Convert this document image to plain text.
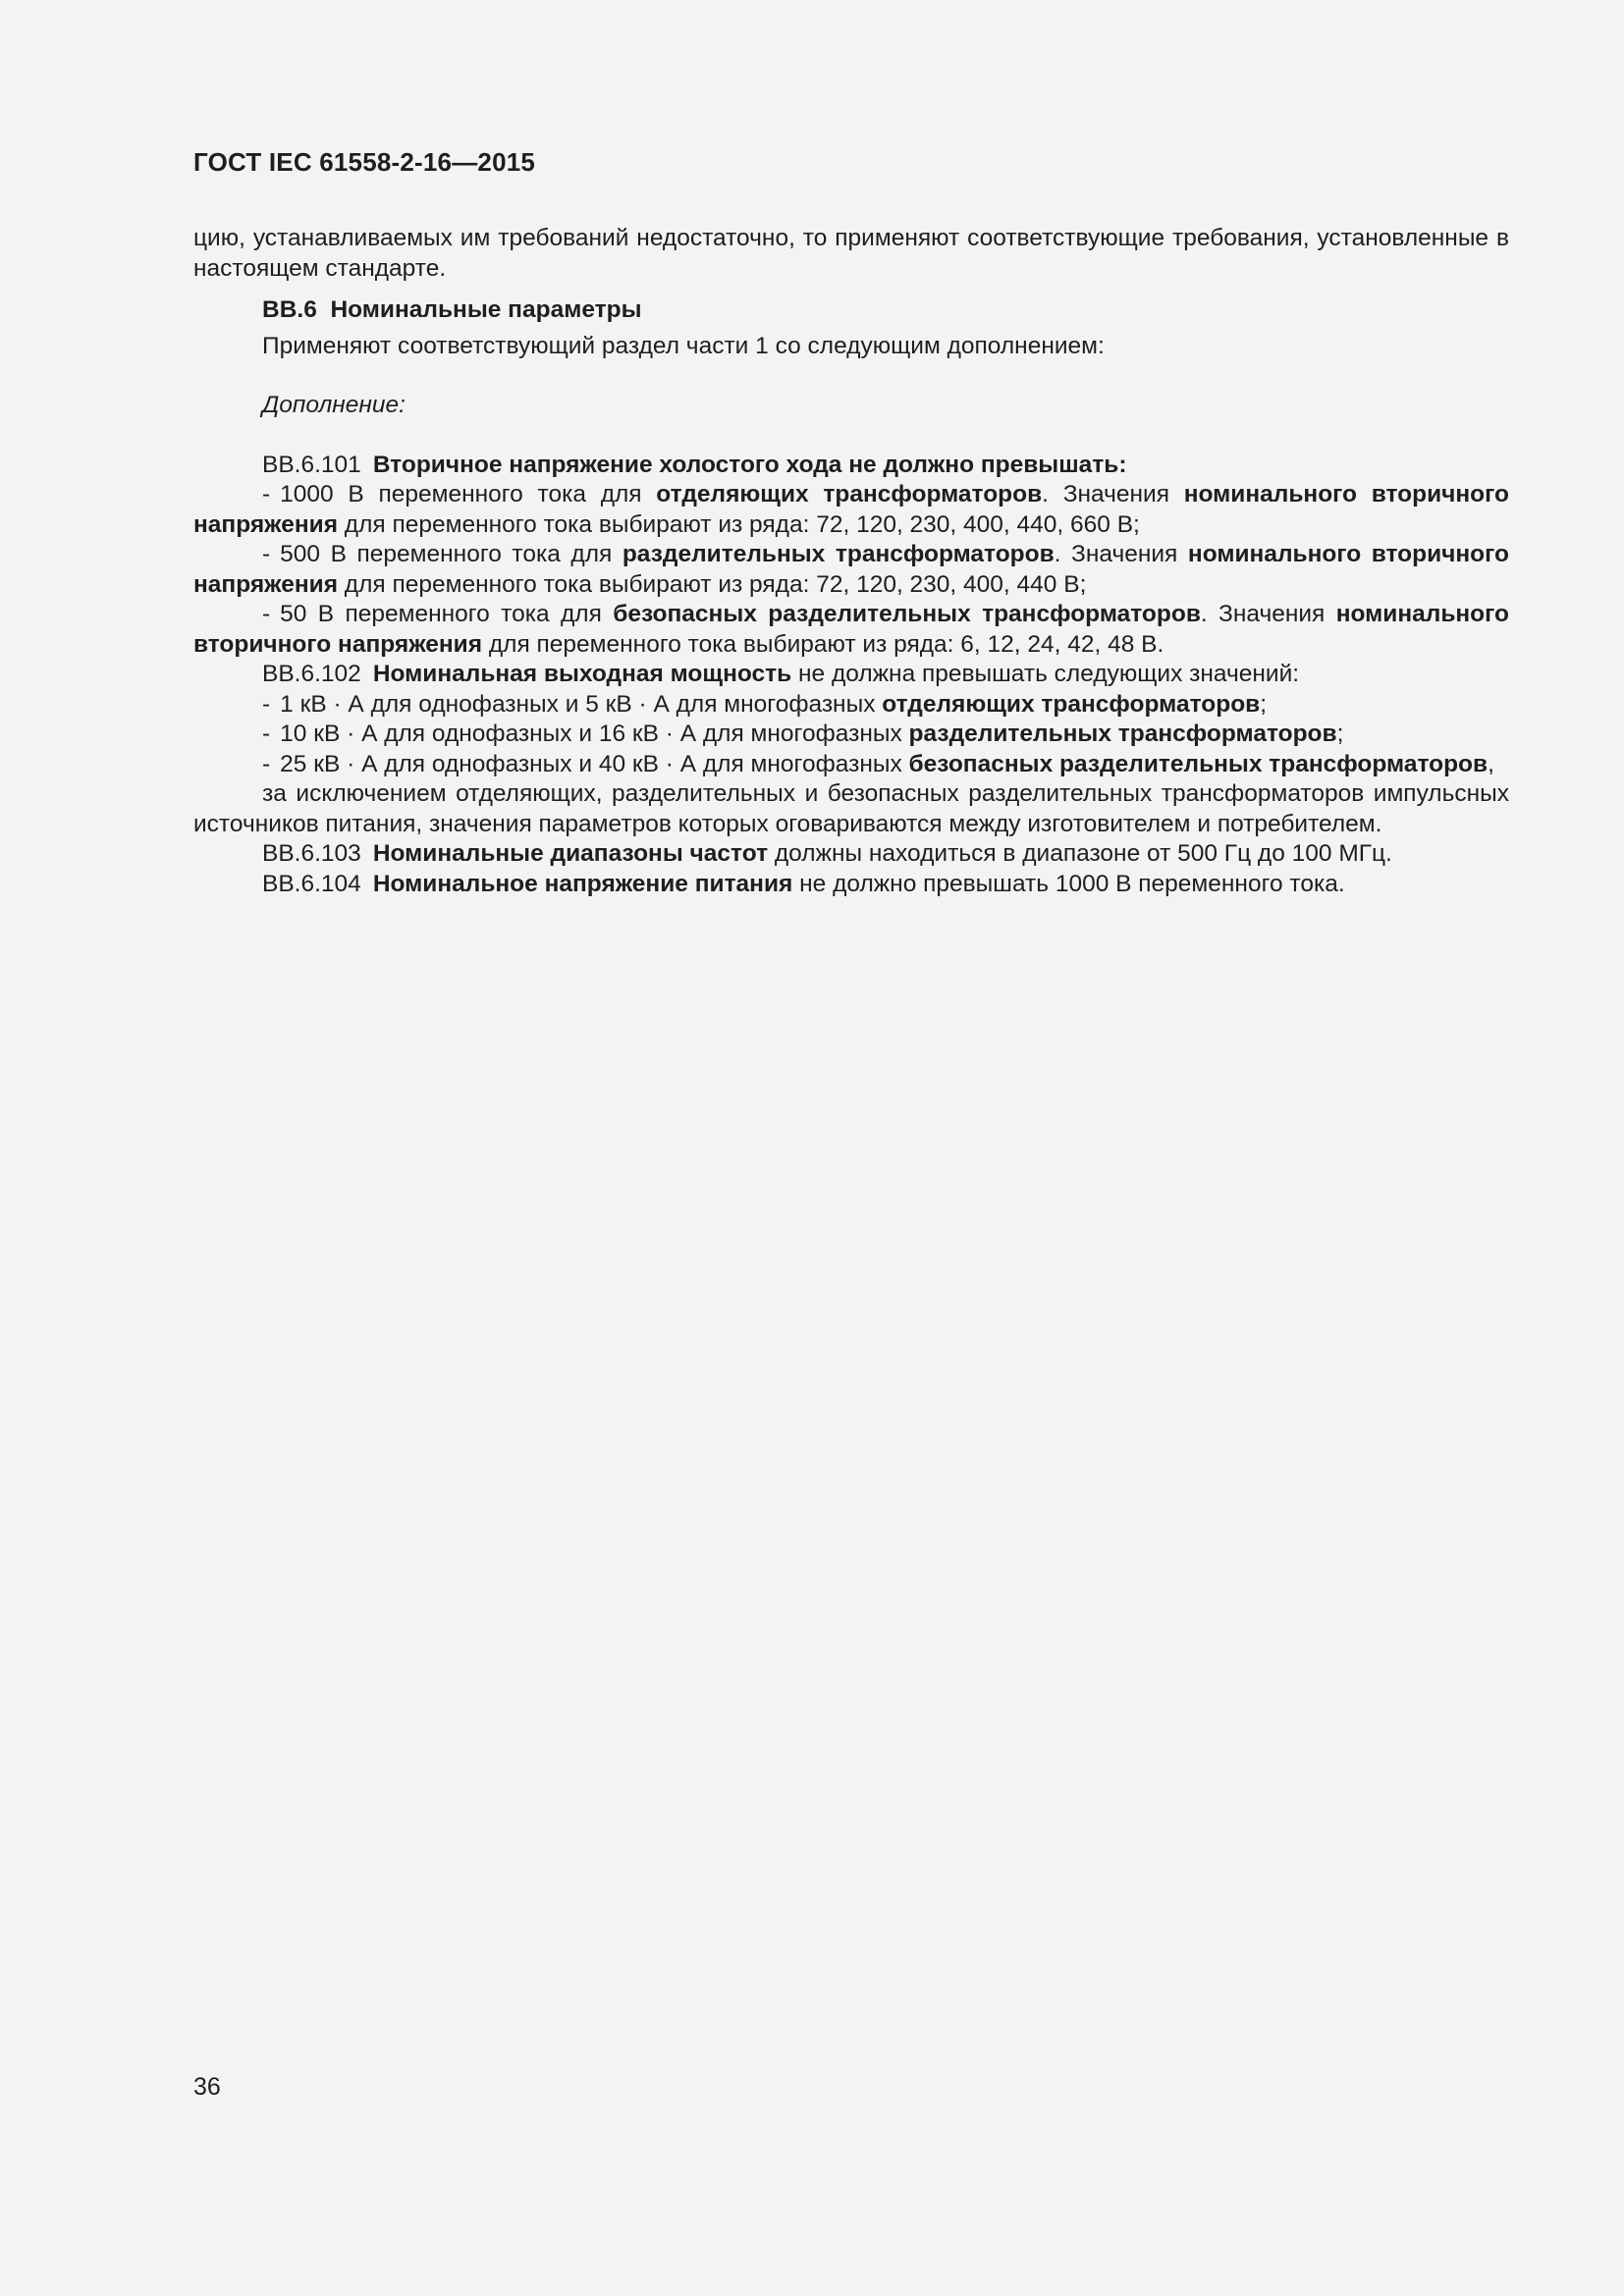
ГОСТ IEC 61558-2-16—2015

цию, устанавливаемых им требований недостаточно, то применяют соответствующие требования, установленные в настоящем стандарте.

BB.6 Номинальные параметры

Применяют соответствующий раздел части 1 со следующим дополнением:

Дополнение:

BB.6.101 Вторичное напряжение холостого хода не должно превышать:

- 1000 В переменного тока для отделяющих трансформаторов. Значения номинального вторичного напряжения для переменного тока выбирают из ряда: 72, 120, 230, 400, 440, 660 В;

- 500 В переменного тока для разделительных трансформаторов. Значения номинального вторичного напряжения для переменного тока выбирают из ряда: 72, 120, 230, 400, 440 В;

- 50 В переменного тока для безопасных разделительных трансформаторов. Значения номинального вторичного напряжения для переменного тока выбирают из ряда: 6, 12, 24, 42, 48 В.

BB.6.102 Номинальная выходная мощность не должна превышать следующих значений:

- 1 кВ · А для однофазных и 5 кВ · А для многофазных отделяющих трансформаторов;

- 10 кВ · А для однофазных и 16 кВ · А для многофазных разделительных трансформаторов;

- 25 кВ · А для однофазных и 40 кВ · А для многофазных безопасных разделительных трансформаторов,

за исключением отделяющих, разделительных и безопасных разделительных трансформаторов импульсных источников питания, значения параметров которых оговариваются между изготовителем и потребителем.

BB.6.103 Номинальные диапазоны частот должны находиться в диапазоне от 500 Гц до 100 МГц.

BB.6.104 Номинальное напряжение питания не должно превышать 1000 В переменного тока.

36
